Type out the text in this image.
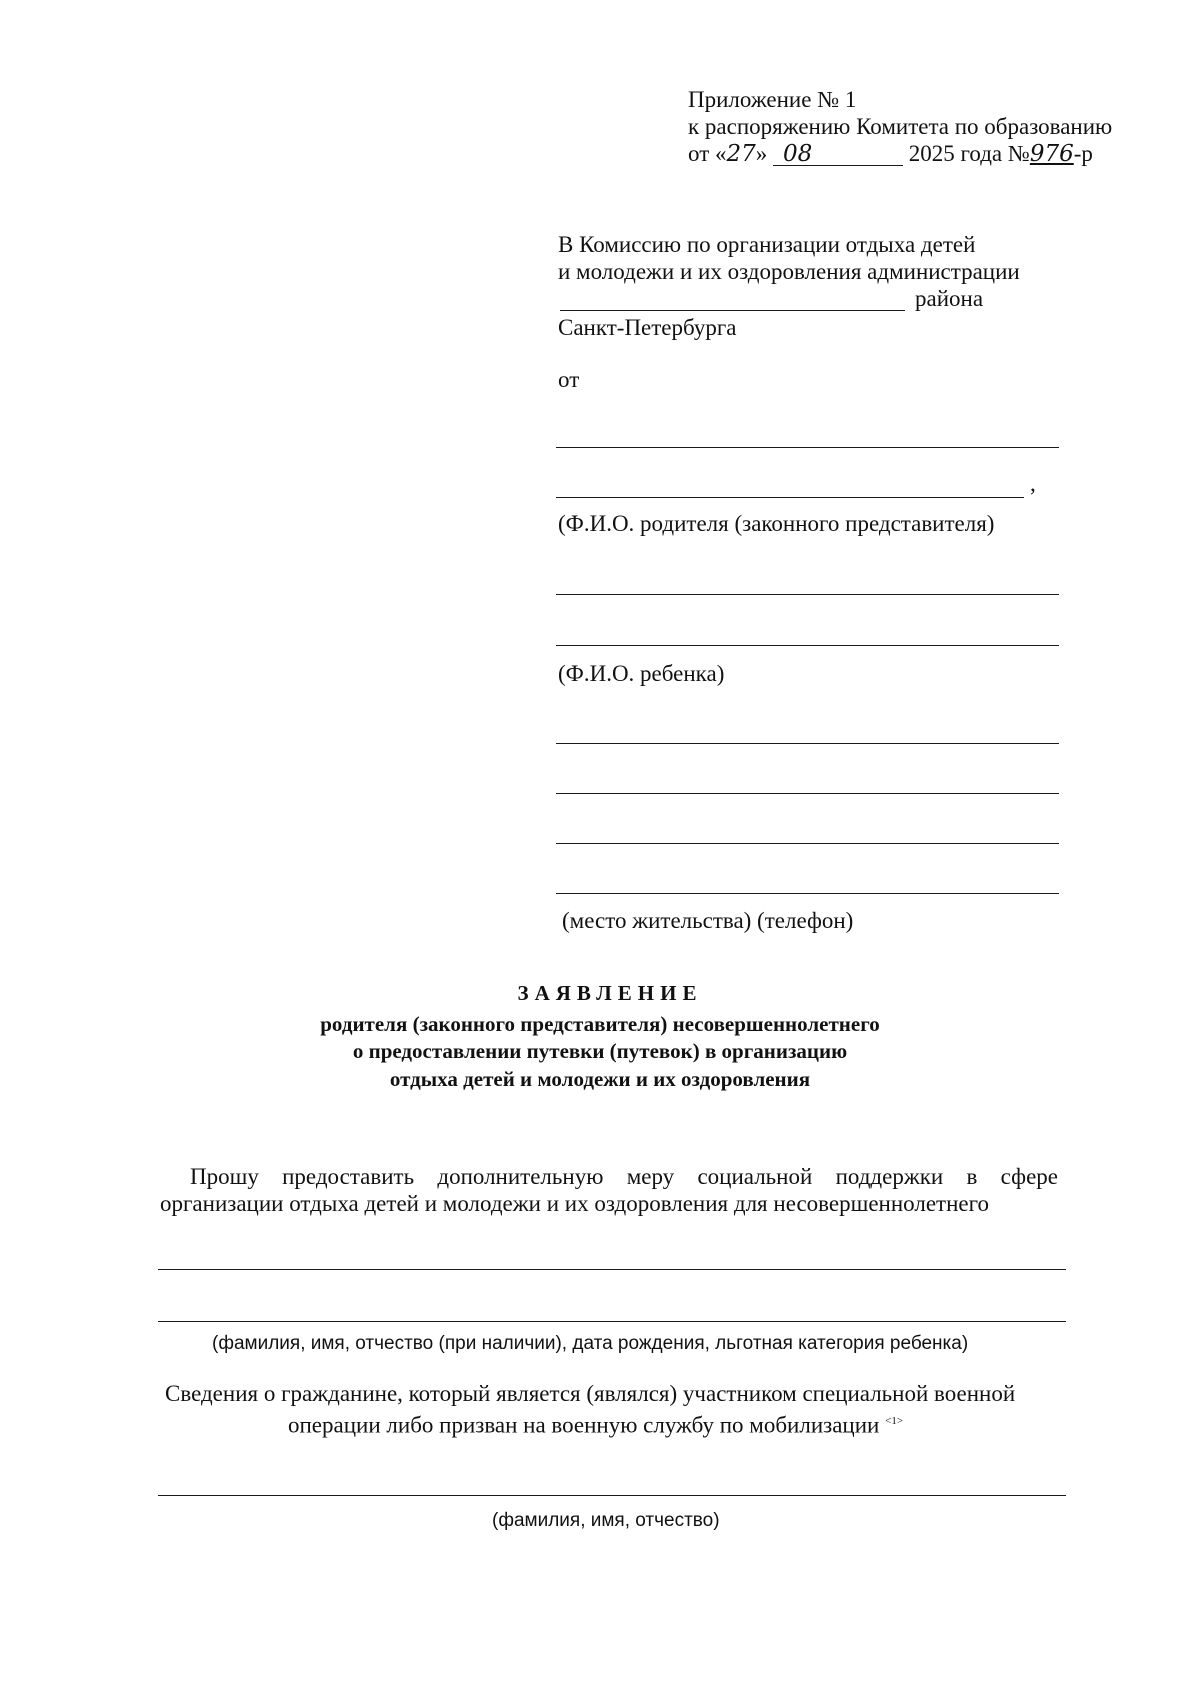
Приложение № 1
к распоряжению Комитета по образованию
от «27» 08	2025 года №976-р
В Комиссию по организации отдыха детей
и молодежи и их оздоровления администрации
района
Санкт-Петербурга
от
,
(Ф.И.О. родителя (законного представителя)
(Ф.И.О. ребенка)
(место жительства) (телефон)
ЗАЯВЛЕНИЕ
родителя (законного представителя) несовершеннолетнего
о предоставлении путевки (путевок) в организацию
отдыха детей и молодежи и их оздоровления
Прошу предоставить дополнительную меру социальной поддержки в сфере
организации отдыха детей и молодежи и их оздоровления для несовершеннолетнего
(фамилия, имя, отчество (при наличии), дата рождения, льготная категория ребенка)
Сведения о гражданине, который является (являлся) участником специальной военной
операции либо призван на военную службу по мобилизации $^{<1>}$
(фамилия, имя, отчество)
